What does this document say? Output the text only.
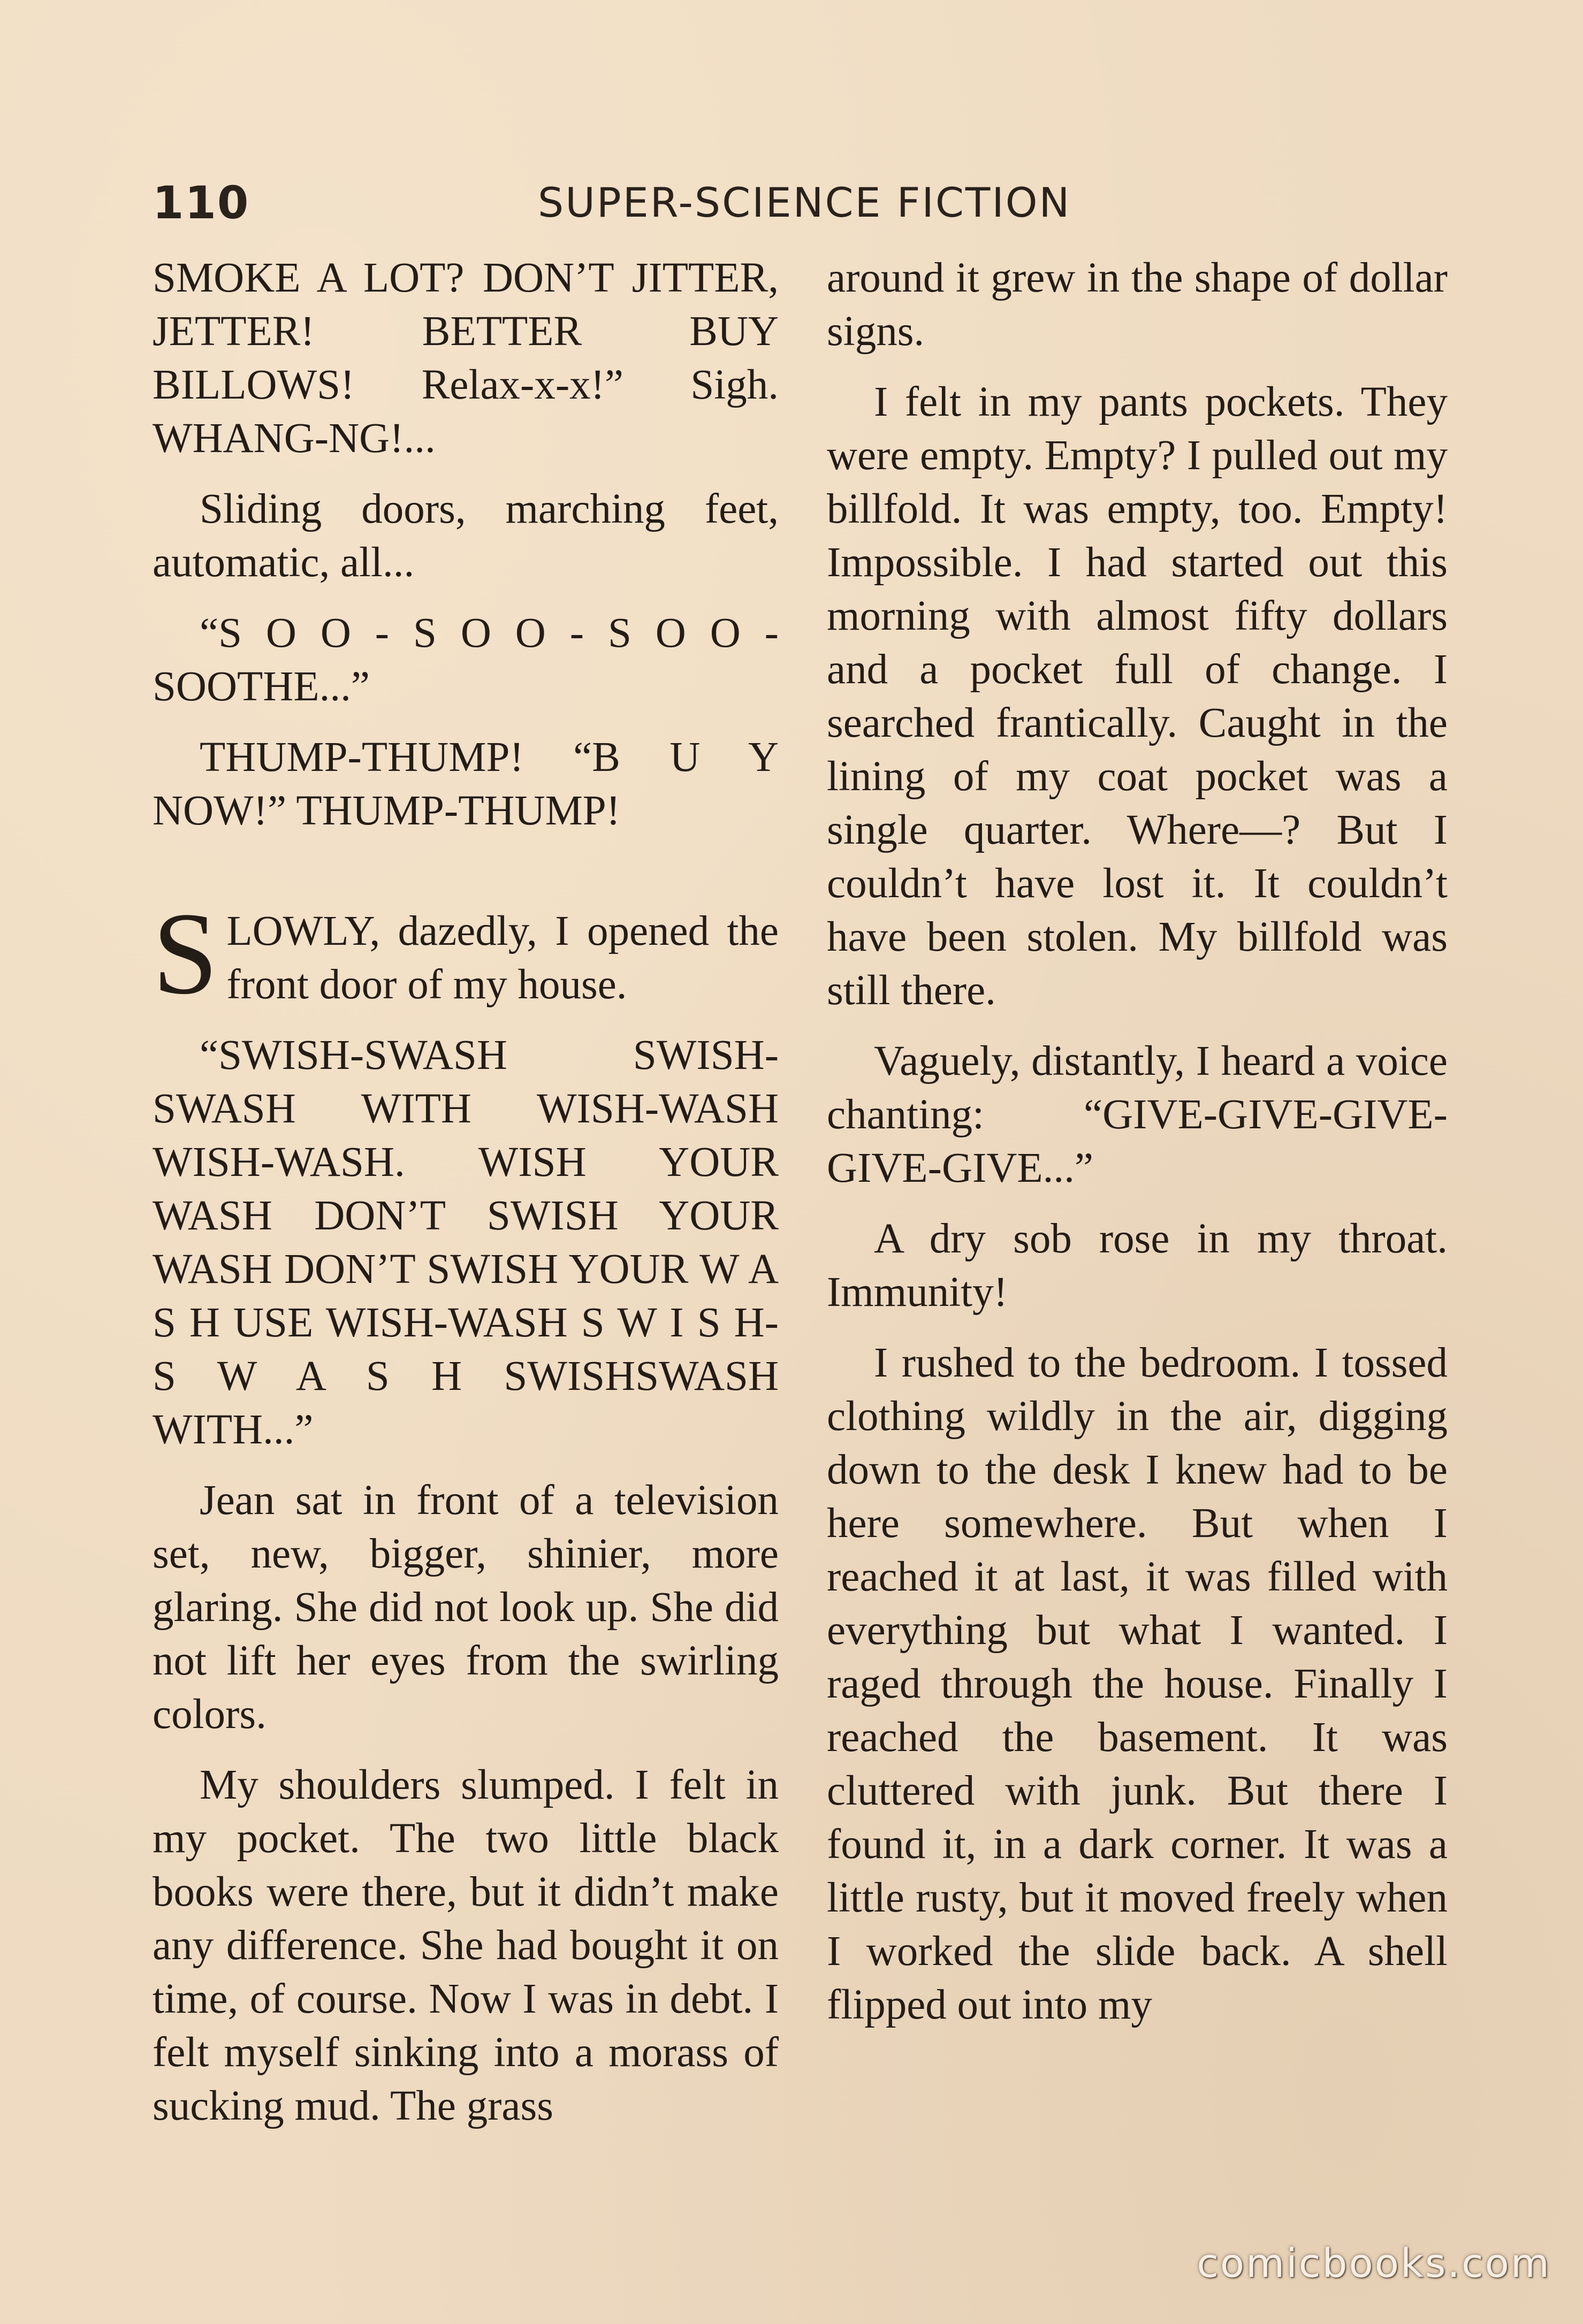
110	SUPER-SCIENCE FICTION

SMOKE A LOT? DON’T JITTER, JETTER! BETTER BUY BILLOWS! Relax-x-x!” Sigh. WHANG-NG!...

Sliding doors, marching feet, automatic, all...

“S O O - S O O - S O O - SOOTHE...”

THUMP-THUMP! “B U Y NOW!” THUMP-THUMP!

SLOWLY, dazedly, I opened the front door of my house.

“SWISH-SWASH SWISHSWASH WITH WISH-WASH WISH-WASH. WISH YOUR WASH DON’T SWISH YOUR WASH DON’T SWISH YOUR W A S H USE WISH-WASH S W I S H-S W A S H SWISHSWASH WITH...”

Jean sat in front of a television set, new, bigger, shinier, more glaring. She did not look up. She did not lift her eyes from the swirling colors.

My shoulders slumped. I felt in my pocket. The two little black books were there, but it didn’t make any difference. She had bought it on time, of course. Now I was in debt. I felt myself sinking into a morass of sucking mud. The grass

around it grew in the shape of dollar signs.

I felt in my pants pockets. They were empty. Empty? I pulled out my billfold. It was empty, too. Empty! Impossible. I had started out this morning with almost fifty dollars and a pocket full of change. I searched frantically. Caught in the lining of my coat pocket was a single quarter. Where—? But I couldn’t have lost it. It couldn’t have been stolen. My billfold was still there.

Vaguely, distantly, I heard a voice chanting: “GIVE-GIVE-GIVE-GIVE-GIVE...”

A dry sob rose in my throat. Immunity!

I rushed to the bedroom. I tossed clothing wildly in the air, digging down to the desk I knew had to be here somewhere. But when I reached it at last, it was filled with everything but what I wanted. I raged through the house. Finally I reached the basement. It was cluttered with junk. But there I found it, in a dark corner. It was a little rusty, but it moved freely when I worked the slide back. A shell flipped out into my

comicbooks.com
